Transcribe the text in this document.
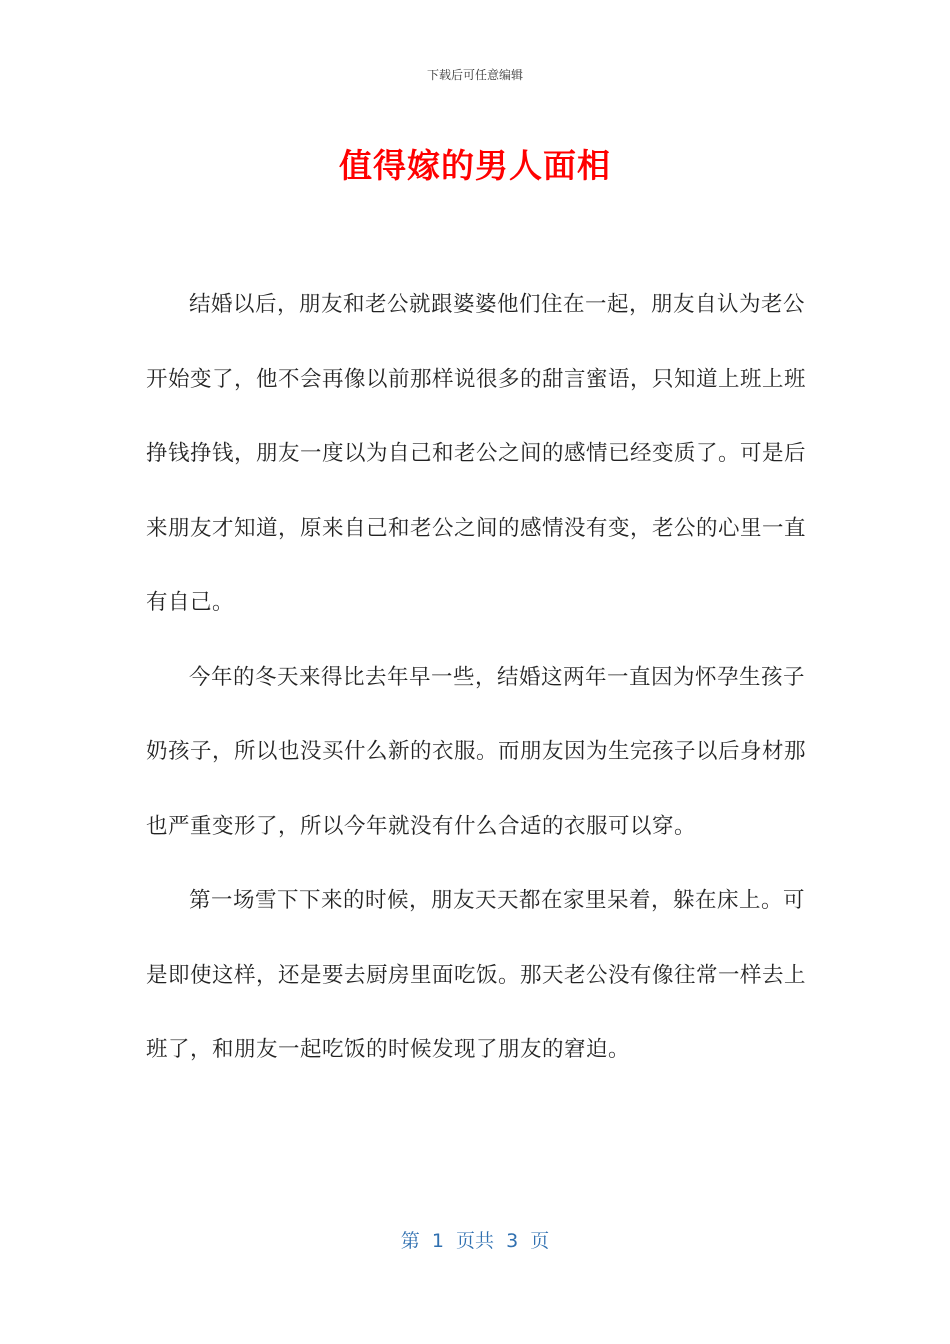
下载后可任意编辑
值得嫁的男人面相

结婚以后，朋友和老公就跟婆婆他们住在一起，朋友自认为老公开始变了，他不会再像以前那样说很多的甜言蜜语，只知道上班上班挣钱挣钱，朋友一度以为自己和老公之间的感情已经变质了。可是后来朋友才知道，原来自己和老公之间的感情没有变，老公的心里一直有自己。

今年的冬天来得比去年早一些，结婚这两年一直因为怀孕生孩子奶孩子，所以也没买什么新的衣服。而朋友因为生完孩子以后身材那也严重变形了，所以今年就没有什么合适的衣服可以穿。

第一场雪下下来的时候，朋友天天都在家里呆着，躲在床上。可是即使这样，还是要去厨房里面吃饭。那天老公没有像往常一样去上班了，和朋友一起吃饭的时候发现了朋友的窘迫。

第  1  页共  3  页
